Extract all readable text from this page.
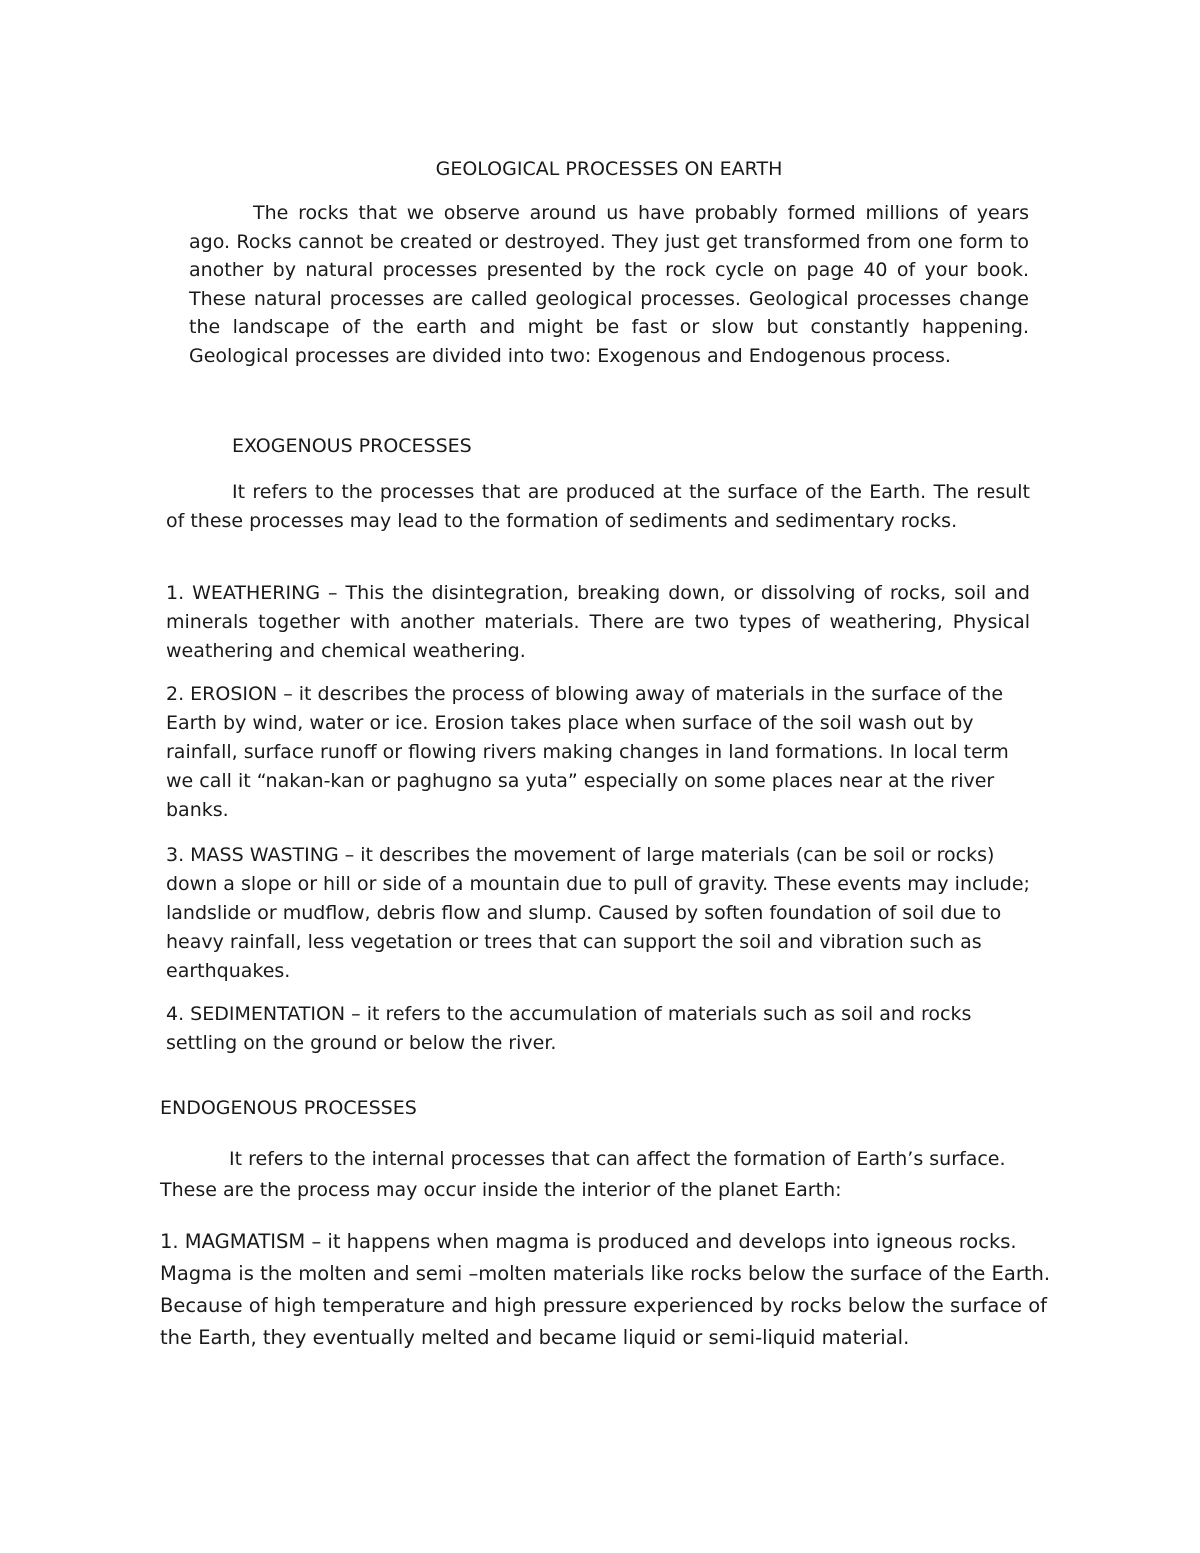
GEOLOGICAL PROCESSES ON EARTH

The rocks that we observe around us have probably formed millions of years ago. Rocks cannot be created or destroyed. They just get transformed from one form to another by natural processes presented by the rock cycle on page 40 of your book. These natural processes are called geological processes. Geological processes change the landscape of the earth and might be fast or slow but constantly happening. Geological processes are divided into two: Exogenous and Endogenous process.

EXOGENOUS PROCESSES

It refers to the processes that are produced at the surface of the Earth. The result of these processes may lead to the formation of sediments and sedimentary rocks.

1. WEATHERING – This the disintegration, breaking down, or dissolving of rocks, soil and minerals together with another materials. There are two types of weathering, Physical weathering and chemical weathering.

2. EROSION – it describes the process of blowing away of materials in the surface of the Earth by wind, water or ice. Erosion takes place when surface of the soil wash out by rainfall, surface runoff or flowing rivers making changes in land formations. In local term we call it “nakan-kan or paghugno sa yuta” especially on some places near at the river banks.

3. MASS WASTING – it describes the movement of large materials (can be soil or rocks) down a slope or hill or side of a mountain due to pull of gravity. These events may include; landslide or mudflow, debris flow and slump. Caused by soften foundation of soil due to heavy rainfall, less vegetation or trees that can support the soil and vibration such as earthquakes.

4. SEDIMENTATION – it refers to the accumulation of materials such as soil and rocks settling on the ground or below the river.

ENDOGENOUS PROCESSES

It refers to the internal processes that can affect the formation of Earth’s surface. These are the process may occur inside the interior of the planet Earth:

1. MAGMATISM – it happens when magma is produced and develops into igneous rocks. Magma is the molten and semi –molten materials like rocks below the surface of the Earth. Because of high temperature and high pressure experienced by rocks below the surface of the Earth, they eventually melted and became liquid or semi-liquid material.
